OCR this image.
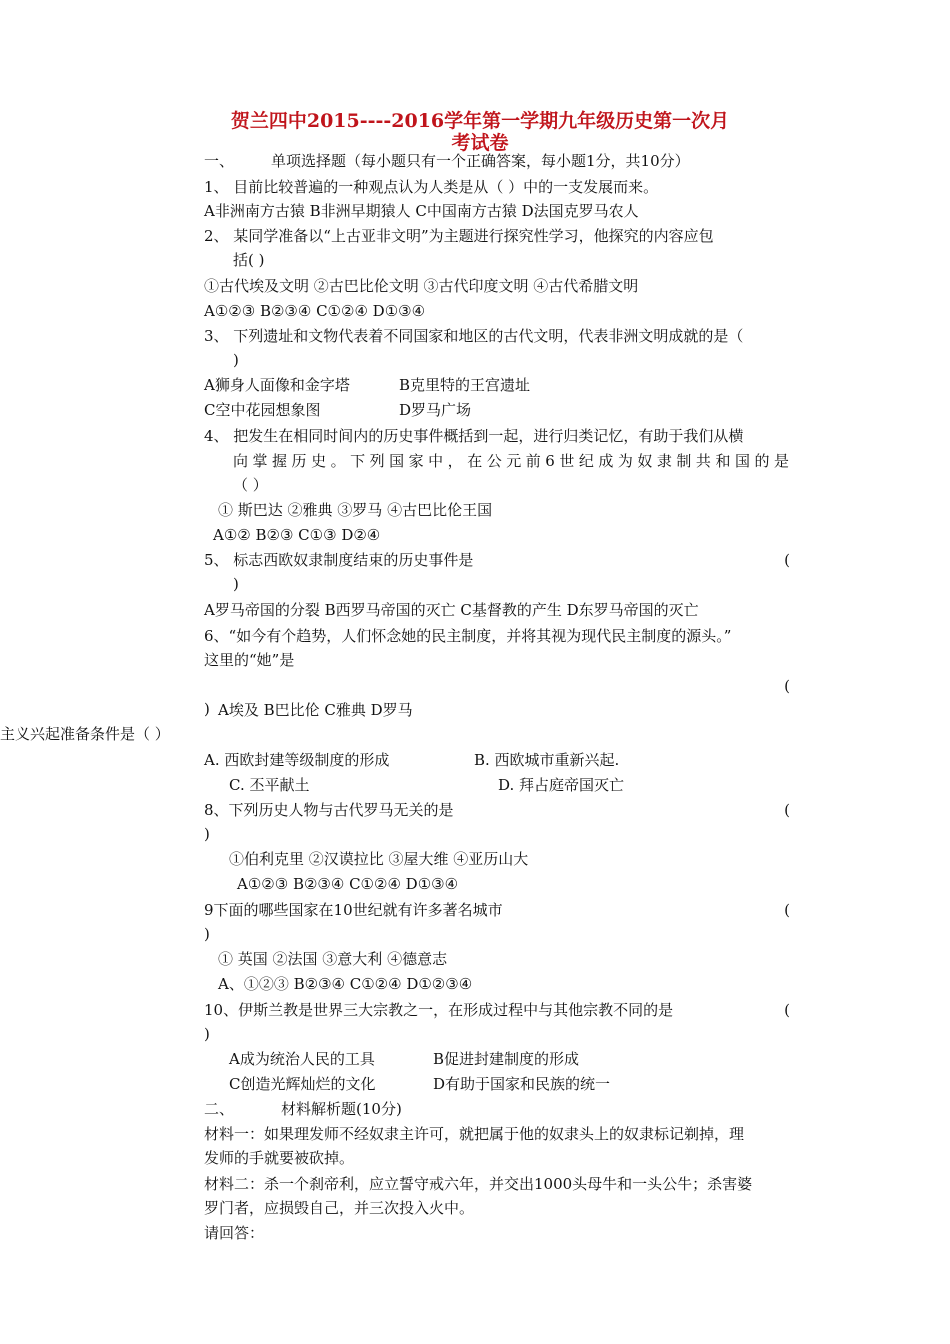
贺兰四中2015----2016学年第一学期九年级历史第一次月
考试卷
一、 单项选择题（每小题只有一个正确答案，每小题1分，共10分）
1、 目前比较普遍的一种观点认为人类是从（ ）中的一支发展而来。
A非洲南方古猿 B非洲早期猿人 C中国南方古猿 D法国克罗马农人
2、 某同学准备以“上古亚非文明”为主题进行探究性学习，他探究的内容应包
括( )
①古代埃及文明 ②古巴比伦文明 ③古代印度文明 ④古代希腊文明
A①②③ B②③④ C①②④ D①③④
3、 下列遗址和文物代表着不同国家和地区的古代文明，代表非洲文明成就的是（
)
A狮身人面像和金字塔	B克里特的王宫遗址
C空中花园想象图	D罗马广场
4、 把发生在相同时间内的历史事件概括到一起，进行归类记忆，有助于我们从横
向掌握历史。下列国家中，在公元前6世纪成为奴隶制共和国的是
（ ）
① 斯巴达 ②雅典 ③罗马 ④古巴比伦王国
A①② B②③ C①③ D②④
5、 标志西欧奴隶制度结束的历史事件是	(
)
A罗马帝国的分裂 B西罗马帝国的灭亡 C基督教的产生 D东罗马帝国的灭亡
6、“如今有个趋势，人们怀念她的民主制度，并将其视为现代民主制度的源头。”
这里的“她”是
(
) A埃及 B巴比伦 C雅典 D罗马
主义兴起准备条件是（ ）
A. 西欧封建等级制度的形成	B. 西欧城市重新兴起.
C. 丕平献土	D. 拜占庭帝国灭亡
8、下列历史人物与古代罗马无关的是	(
)
①伯利克里 ②汉谟拉比 ③屋大维 ④亚历山大
A①②③ B②③④ C①②④ D①③④
9下面的哪些国家在10世纪就有许多著名城市	(
)
① 英国 ②法国 ③意大利 ④德意志
A、①②③ B②③④ C①②④ D①②③④
10、伊斯兰教是世界三大宗教之一，在形成过程中与其他宗教不同的是	(
)
A成为统治人民的工具	B促进封建制度的形成
C创造光辉灿烂的文化	D有助于国家和民族的统一
二、	材料解析题(10分)
材料一：如果理发师不经奴隶主许可，就把属于他的奴隶头上的奴隶标记剃掉，理
发师的手就要被砍掉。
材料二：杀一个刹帝利，应立誓守戒六年，并交出1000头母牛和一头公牛；杀害婆
罗门者，应损毁自己，并三次投入火中。
请回答：
